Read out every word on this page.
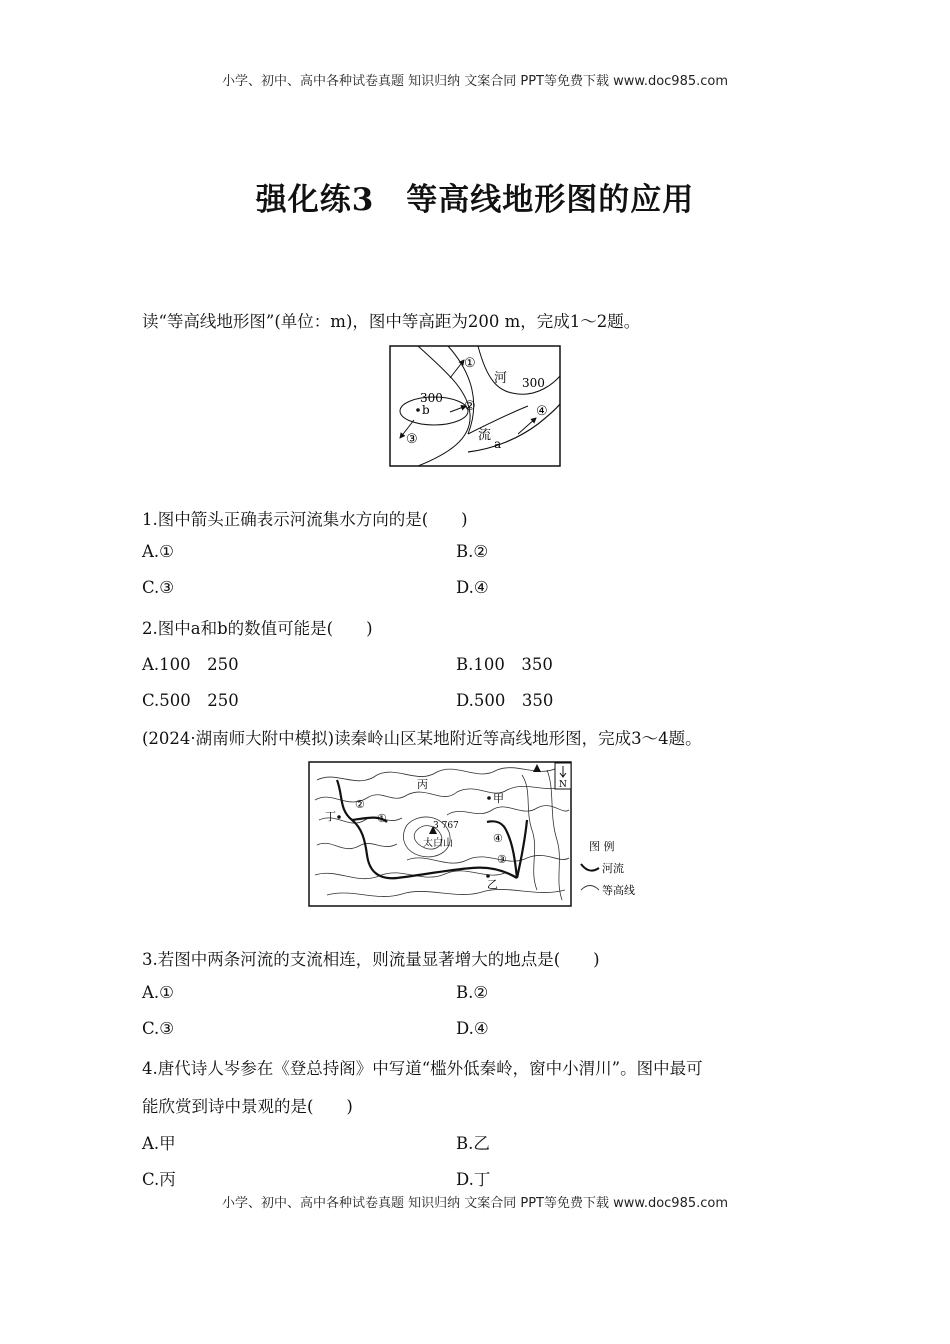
小学、初中、高中各种试卷真题 知识归纳 文案合同 PPT等免费下载 www.doc985.com
强化练3　等高线地形图的应用
读“等高线地形图”(单位：m)，图中等高距为200 m，完成1～2题。
①
②
③
④
河
流
300
300
b
a
1.图中箭头正确表示河流集水方向的是(　　)
A.①	B.②
C.③	D.④
2.图中a和b的数值可能是(　　)
A.100　250	B.100　350
C.500　250	D.500　350
(2024·湖南师大附中模拟)读秦岭山区某地附近等高线地形图，完成3～4题。
丙
甲
丁
②
①
3 767
太白山	④
③
乙
N
图 例
河流
等高线
3.若图中两条河流的支流相连，则流量显著增大的地点是(　　)
A.①	B.②
C.③	D.④
4.唐代诗人岑参在《登总持阁》中写道“槛外低秦岭，窗中小渭川”。图中最可
能欣赏到诗中景观的是(　　)
A.甲	B.乙
C.丙	D.丁
小学、初中、高中各种试卷真题 知识归纳 文案合同 PPT等免费下载 www.doc985.com
